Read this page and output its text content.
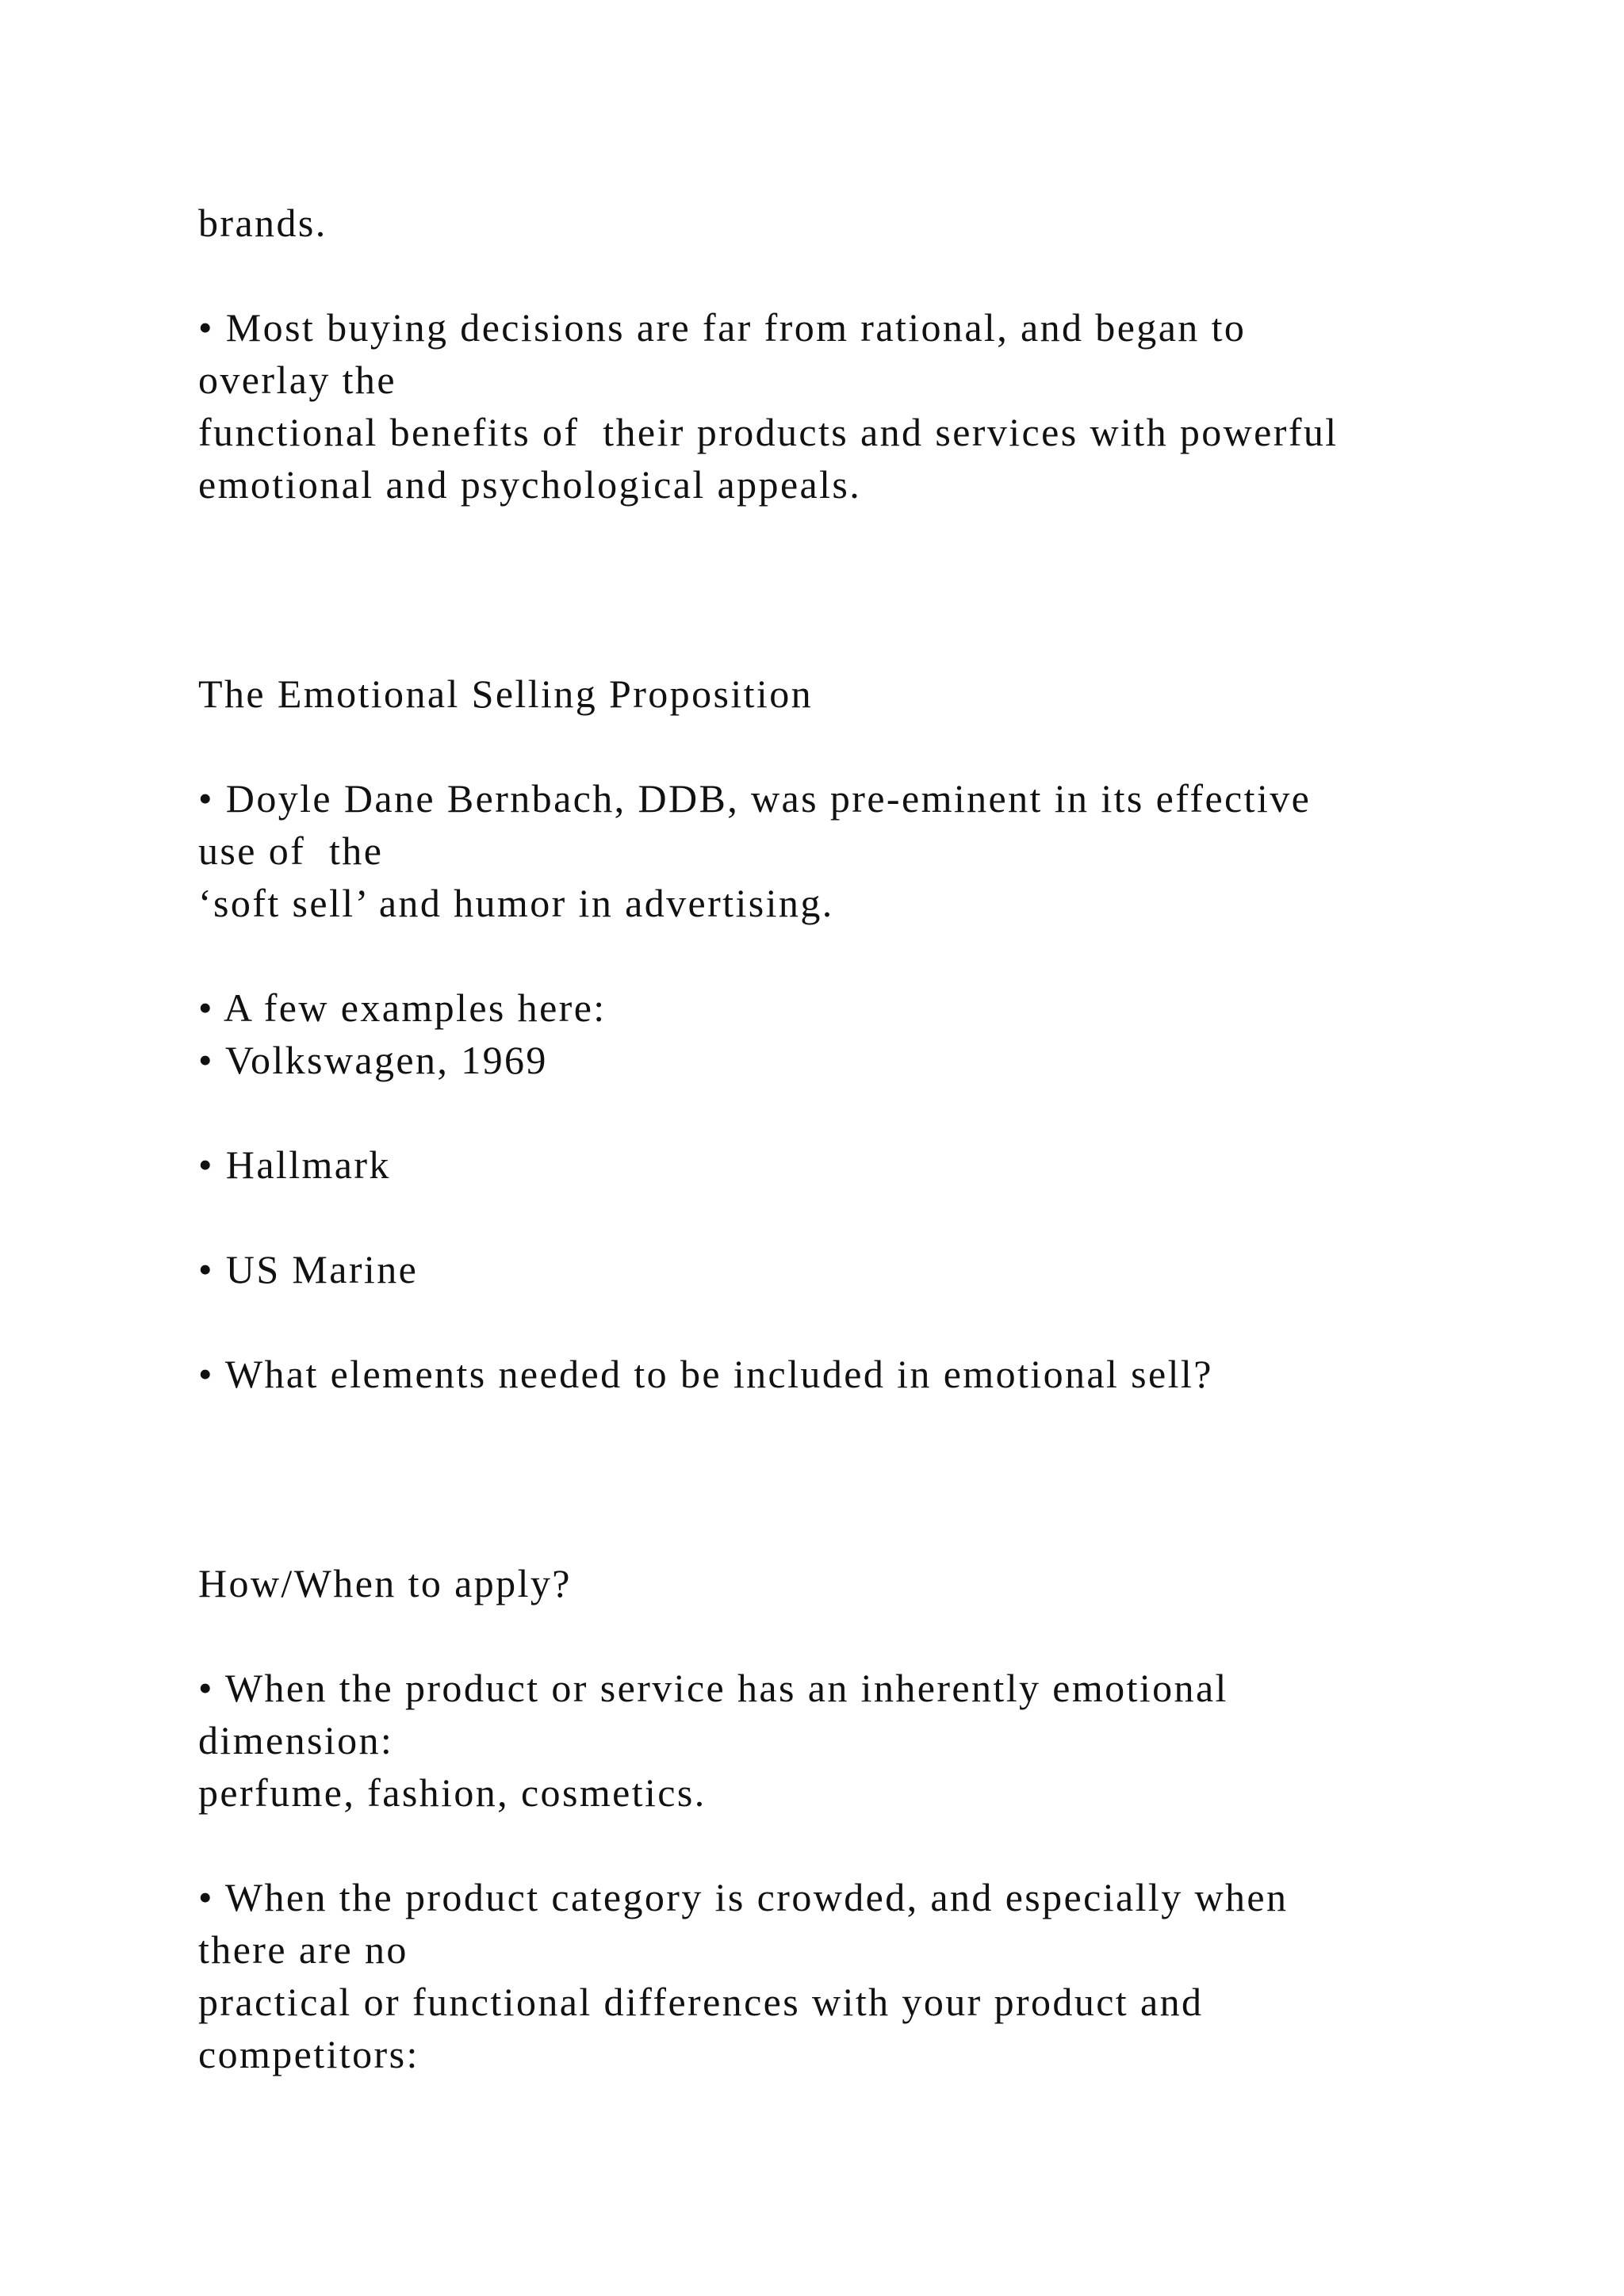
brands.
• Most buying decisions are far from rational, and began to
overlay the
functional benefits of  their products and services with powerful
emotional and psychological appeals.
The Emotional Selling Proposition
• Doyle Dane Bernbach, DDB, was pre-eminent in its effective
use of  the
‘soft sell’ and humor in advertising.
• A few examples here:
• Volkswagen, 1969
• Hallmark
• US Marine
• What elements needed to be included in emotional sell?
How/When to apply?
• When the product or service has an inherently emotional
dimension:
perfume, fashion, cosmetics.
• When the product category is crowded, and especially when
there are no
practical or functional differences with your product and
competitors:
